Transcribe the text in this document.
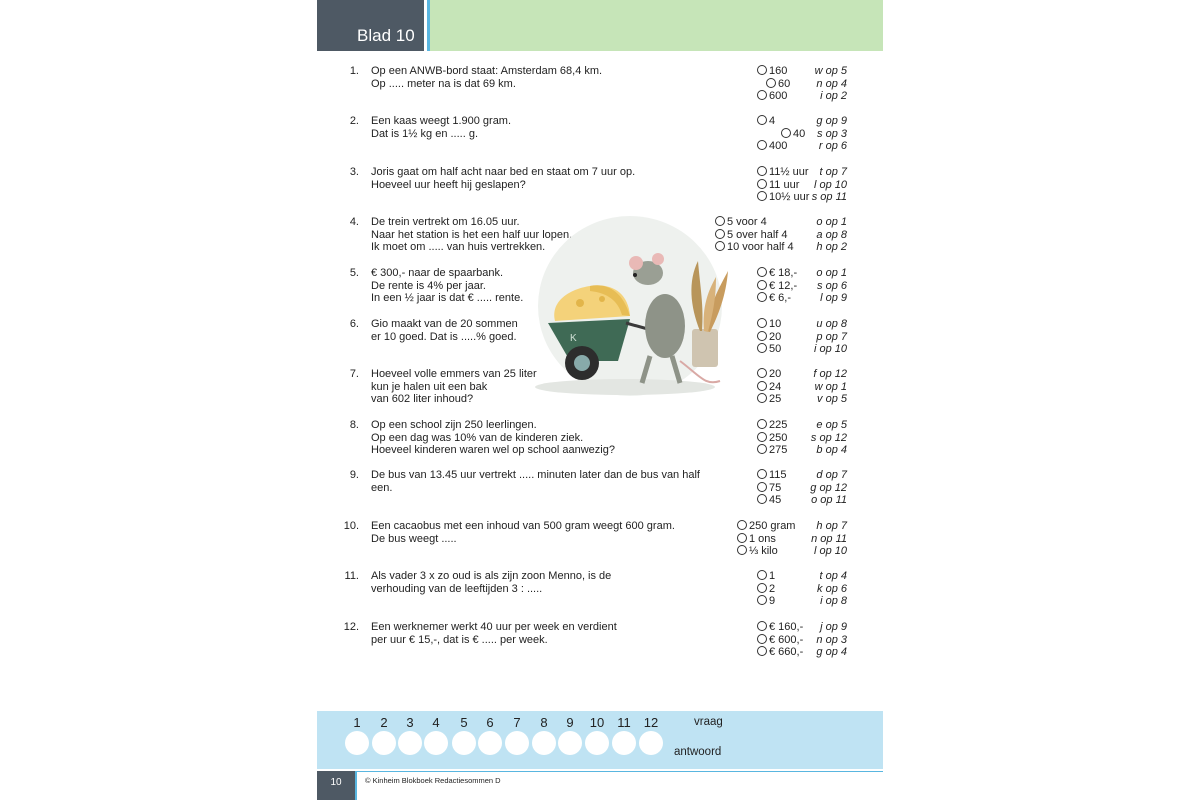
Blad 10
1. Op een ANWB-bord staat: Amsterdam 68,4 km.
Op ..... meter na is dat 69 km.
160	w op 5
60	n op 4
600	i op 2
2. Een kaas weegt 1.900 gram.
Dat is 1½ kg en ..... g.
4	g op 9
40	s op 3
400	r op 6
3. Joris gaat om half acht naar bed en staat om 7 uur op.
Hoeveel uur heeft hij geslapen?
11½ uur t op 7
11 uur	l op 10
10½ uur s op 11
4. De trein vertrekt om 16.05 uur.
Naar het station is het een half uur lopen.
Ik moet om ..... van huis vertrekken.
5 voor 4	o op 1
5 over half 4	a op 8
10 voor half 4	h op 2
5. € 300,- naar de spaarbank.
De rente is 4% per jaar.
In een ½ jaar is dat € ..... rente.
€ 18,-	o op 1
€ 12,-	s op 6
€ 6,-	l op 9
6. Gio maakt van de 20 sommen
er 10 goed. Dat is .....% goed.
10	u op 8
20	p op 7
50	i op 10
7. Hoeveel volle emmers van 25 liter
kun je halen uit een bak
van 602 liter inhoud?
20	f op 12
24	w op 1
25	v op 5
8. Op een school zijn 250 leerlingen.
Op een dag was 10% van de kinderen ziek.
Hoeveel kinderen waren wel op school aanwezig?
225	e op 5
250	s op 12
275	b op 4
9. De bus van 13.45 uur vertrekt ..... minuten later dan de bus van half een.
115	d op 7
75	g op 12
45	o op 11
10. Een cacaobus met een inhoud van 500 gram weegt 600 gram.
De bus weegt .....
250 gram	h op 7
1 ons	n op 11
⅓ kilo	l op 10
11. Als vader 3 x zo oud is als zijn zoon Menno, is de
verhouding van de leeftijden 3 : .....
1	t op 4
2	k op 6
9	i op 8
12. Een werknemer werkt 40 uur per week en verdient
per uur € 15,-, dat is € ..... per week.
€ 160,-	j op 9
€ 600,-	n op 3
€ 660,-	g op 4
K
1	2	3	4	5	6	7	8	9	10	11	12	vraag
antwoord
10	© Kinheim Blokboek Redactiesommen D
